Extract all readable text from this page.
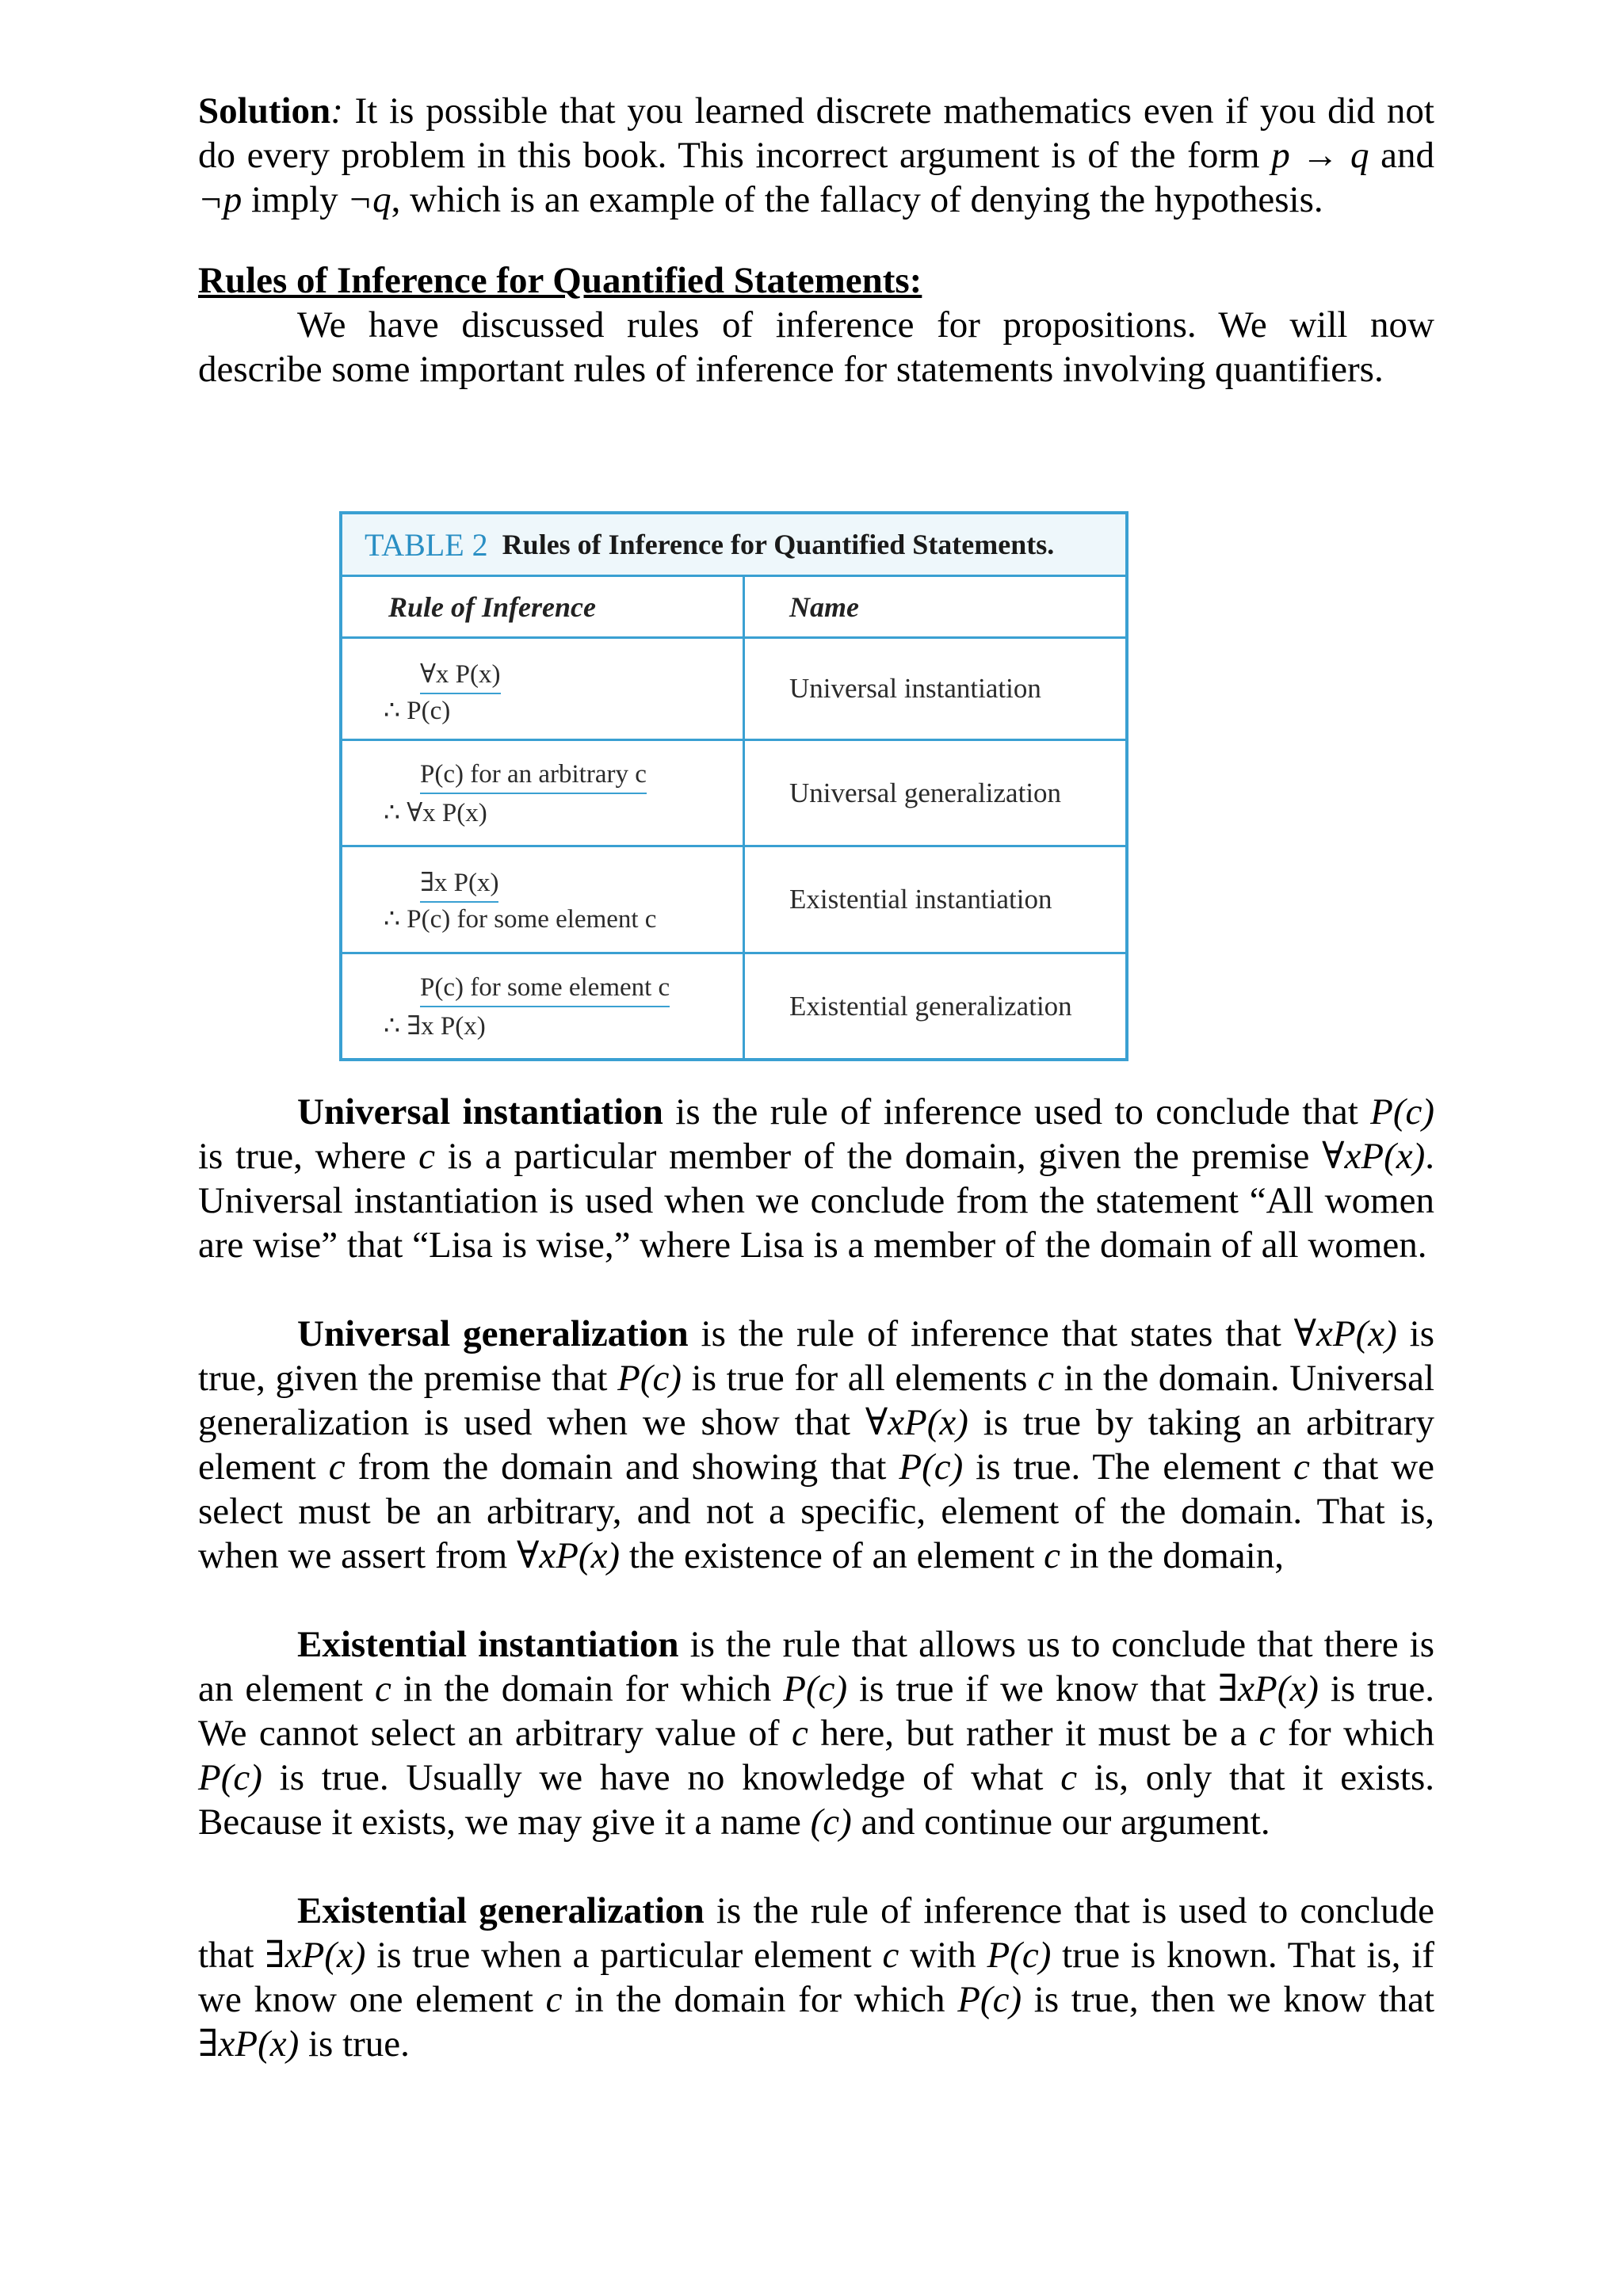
Solution: It is possible that you learned discrete mathematics even if you did not do every problem in this book. This incorrect argument is of the form p → q and ¬p imply ¬q, which is an example of the fallacy of denying the hypothesis.

Rules of Inference for Quantified Statements:

We have discussed rules of inference for propositions. We will now describe some important rules of inference for statements involving quantifiers.

TABLE 2 Rules of Inference for Quantified Statements.
Rule of Inference	Name
∀x P(x)
∴ P(c)
Universal instantiation
P(c) for an arbitrary c
∴ ∀x P(x)
Universal generalization
∃x P(x)
∴ P(c) for some element c
Existential instantiation
P(c) for some element c
∴ ∃x P(x)
Existential generalization

Universal instantiation is the rule of inference used to conclude that P(c) is true, where c is a particular member of the domain, given the premise ∀xP(x). Universal instantiation is used when we conclude from the statement “All women are wise” that “Lisa is wise,” where Lisa is a member of the domain of all women.

Universal generalization is the rule of inference that states that ∀xP(x) is true, given the premise that P(c) is true for all elements c in the domain. Universal generalization is used when we show that ∀xP(x) is true by taking an arbitrary element c from the domain and showing that P(c) is true. The element c that we select must be an arbitrary, and not a specific, element of the domain. That is, when we assert from ∀xP(x) the existence of an element c in the domain,

Existential instantiation is the rule that allows us to conclude that there is an element c in the domain for which P(c) is true if we know that ∃xP(x) is true. We cannot select an arbitrary value of c here, but rather it must be a c for which P(c) is true. Usually we have no knowledge of what c is, only that it exists. Because it exists, we may give it a name (c) and continue our argument.

Existential generalization is the rule of inference that is used to conclude that ∃xP(x) is true when a particular element c with P(c) true is known. That is, if we know one element c in the domain for which P(c) is true, then we know that ∃xP(x) is true.
